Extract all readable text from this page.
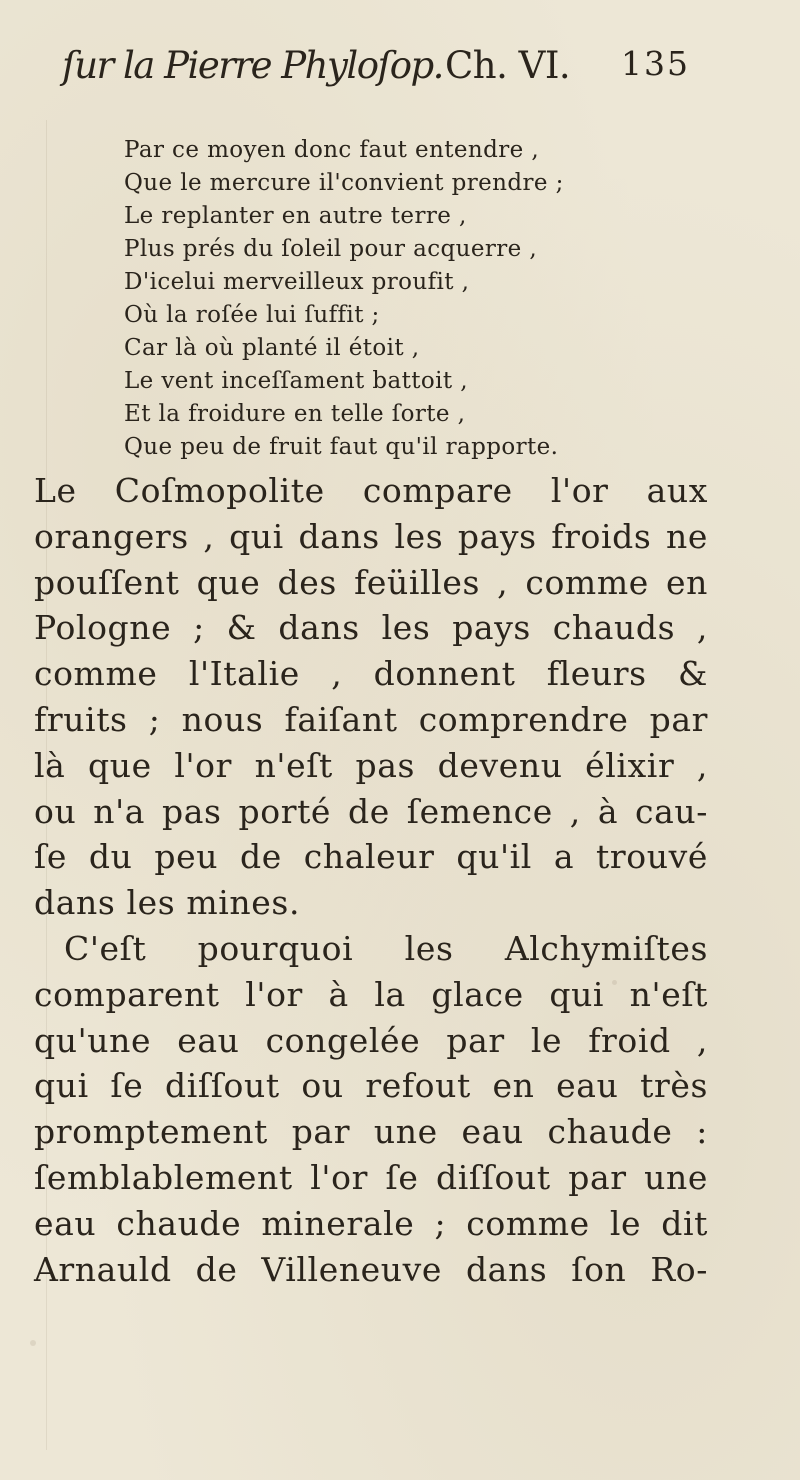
ſur la Pierre Phyloſop.Ch. VI. 135
Par ce moyen donc faut entendre ,
Que le mercure il'convient prendre ;
Le replanter en autre terre ,
Plus prés du ſoleil pour acquerre ,
D'icelui merveilleux proufit ,
Où la roſée lui ſuffit ;
Car là où planté il étoit ,
Le vent inceſſament battoit ,
Et la froidure en telle ſorte ,
Que peu de fruit faut qu'il rapporte.
Le Coſmopolite compare l'or aux
orangers , qui dans les pays froids ne
pouſſent que des feüilles , comme en
Pologne ; & dans les pays chauds ,
comme l'Italie , donnent fleurs &
fruits ; nous faiſant comprendre par
là que l'or n'eſt pas devenu élixir ,
ou n'a pas porté de ſemence , à cau-
ſe du peu de chaleur qu'il a trouvé
dans les mines.
C'eſt pourquoi les Alchymiſtes
comparent l'or à la glace qui n'eſt
qu'une eau congelée par le froid ,
qui ſe diſſout ou refout en eau très
promptement par une eau chaude :
ſemblablement l'or ſe diſſout par une
eau chaude minerale ; comme le dit
Arnauld de Villeneuve dans ſon Ro-
